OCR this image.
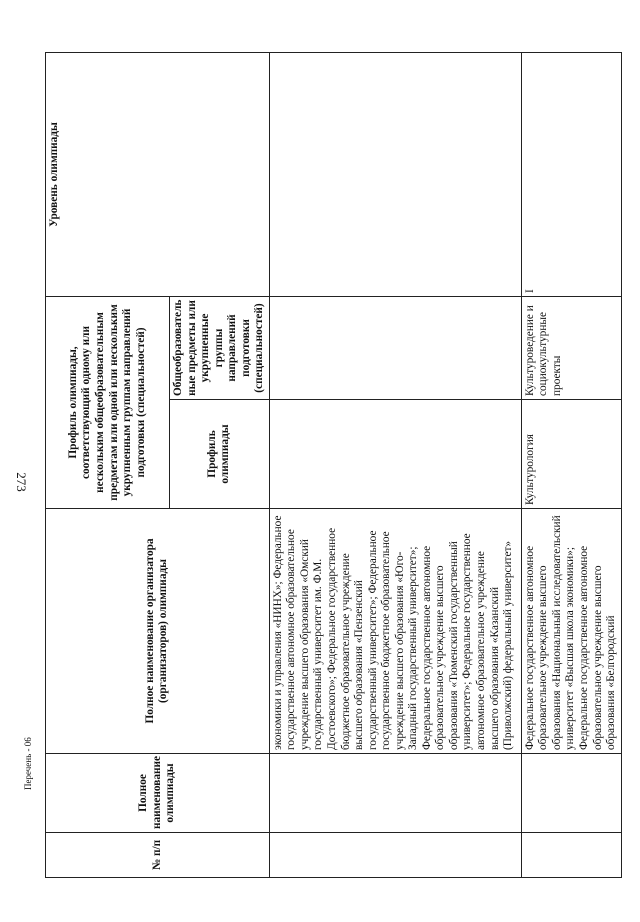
273
Перечень - 06
№ п/п	Полное наименование олимпиады	Полное наименование организатора (организаторов) олимпиады	Профиль олимпиады, соответствующий одному или нескольким общеобразовательным предметам или одной или нескольким укрупненным группам направлений подготовки (специальностей)		Уровень олимпиады
			Профиль олимпиады	Общеобразователь ные предметы или укрупненные группы направлений подготовки (специальностей)	
		экономики и управления «НИНХ»; Федеральное государственное автономное образовательное учреждение высшего образования «Омский государственный университет им. Ф.М. Достоевского»; Федеральное государственное бюджетное образовательное учреждение высшего образования «Пензенский государственный университет»; Федеральное государственное бюджетное образовательное учреждение высшего образования «Юго-Западный государственный университет»; Федеральное государственное автономное образовательное учреждение высшего образования «Тюменский государственный университет»; Федеральное государственное автономное образовательное учреждение высшего образования «Казанский (Приволжский) федеральный университет»			
		Федеральное государственное автономное образовательное учреждение высшего образования «Национальный исследовательский университет «Высшая школа экономики»; Федеральное государственное автономное образовательное учреждение высшего образования «Белгородский	Культурология	Культуроведение и социокультурные проекты	I
